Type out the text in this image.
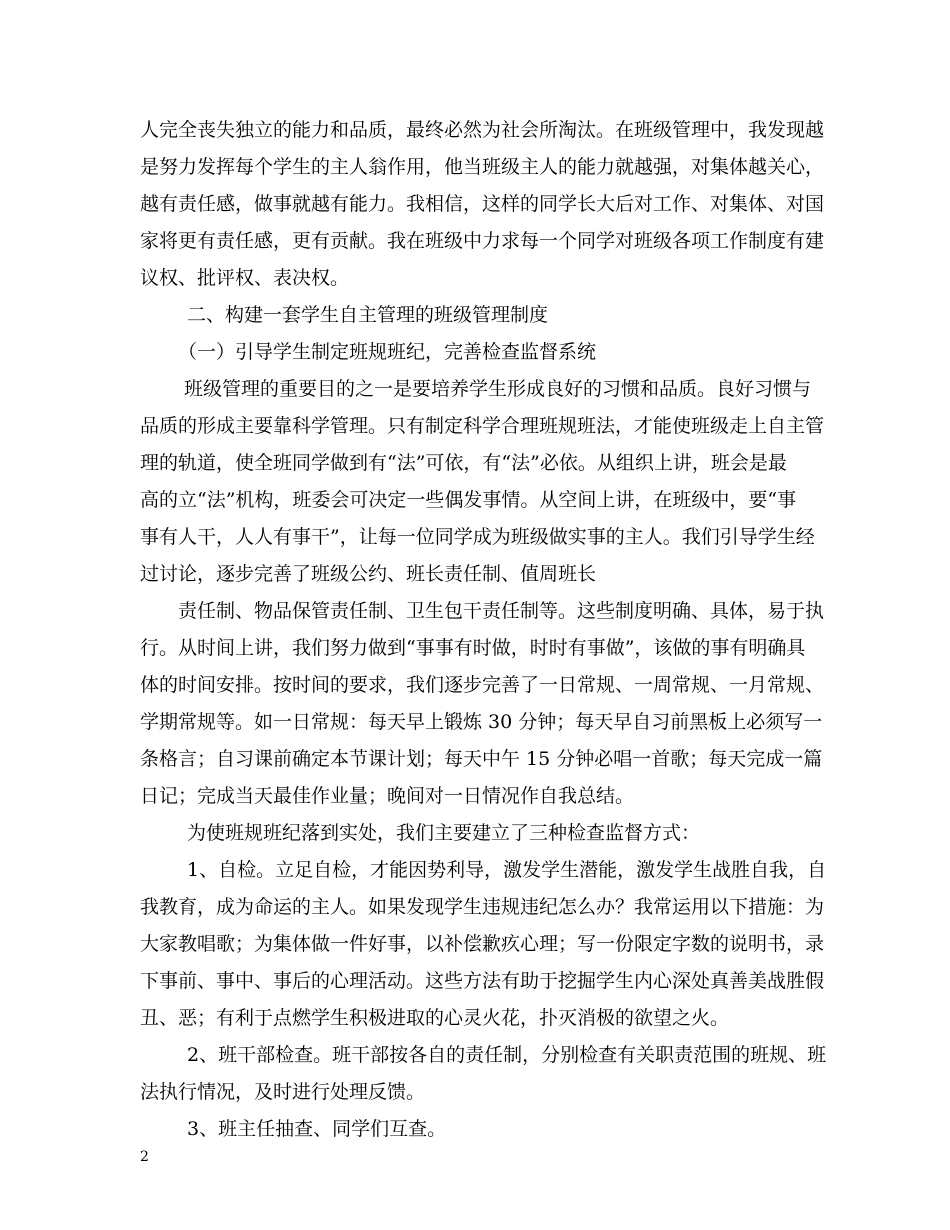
人完全丧失独立的能力和品质，最终必然为社会所淘汰。在班级管理中，我发现越
是努力发挥每个学生的主人翁作用，他当班级主人的能力就越强，对集体越关心，
越有责任感，做事就越有能力。我相信，这样的同学长大后对工作、对集体、对国
家将更有责任感，更有贡献。我在班级中力求每一个同学对班级各项工作制度有建
议权、批评权、表决权。
二、构建一套学生自主管理的班级管理制度
（一）引导学生制定班规班纪，完善检查监督系统
班级管理的重要目的之一是要培养学生形成良好的习惯和品质。良好习惯与
品质的形成主要靠科学管理。只有制定科学合理班规班法，才能使班级走上自主管
理的轨道，使全班同学做到有“法”可依，有“法”必依。从组织上讲，班会是最
高的立“法”机构，班委会可决定一些偶发事情。从空间上讲，在班级中，要“事
事有人干，人人有事干”，让每一位同学成为班级做实事的主人。我们引导学生经
过讨论，逐步完善了班级公约、班长责任制、值周班长
责任制、物品保管责任制、卫生包干责任制等。这些制度明确、具体，易于执
行。从时间上讲，我们努力做到“事事有时做，时时有事做”，该做的事有明确具
体的时间安排。按时间的要求，我们逐步完善了一日常规、一周常规、一月常规、
学期常规等。如一日常规：每天早上锻炼 30 分钟；每天早自习前黑板上必须写一
条格言；自习课前确定本节课计划；每天中午 15 分钟必唱一首歌；每天完成一篇
日记；完成当天最佳作业量；晚间对一日情况作自我总结。
为使班规班纪落到实处，我们主要建立了三种检查监督方式：
1、自检。立足自检，才能因势利导，激发学生潜能，激发学生战胜自我，自
我教育，成为命运的主人。如果发现学生违规违纪怎么办？我常运用以下措施：为
大家教唱歌；为集体做一件好事，以补偿歉疚心理；写一份限定字数的说明书，录
下事前、事中、事后的心理活动。这些方法有助于挖掘学生内心深处真善美战胜假
丑、恶；有利于点燃学生积极进取的心灵火花，扑灭消极的欲望之火。
2、班干部检查。班干部按各自的责任制，分别检查有关职责范围的班规、班
法执行情况，及时进行处理反馈。
3、班主任抽查、同学们互查。
2
